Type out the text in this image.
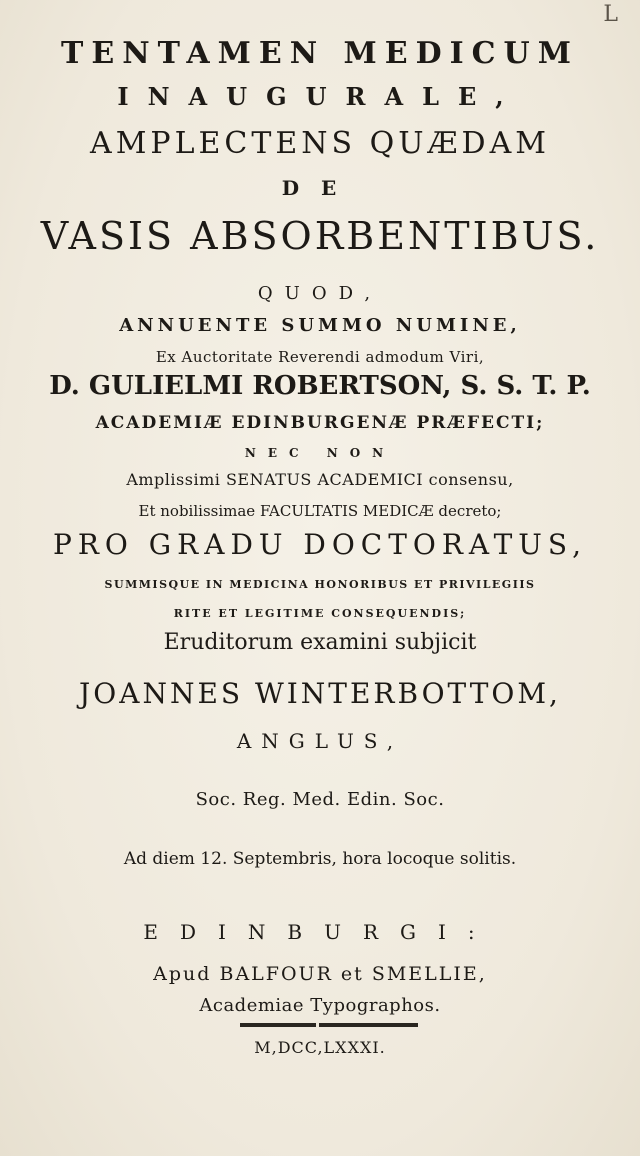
L
TENTAMEN MEDICUM
INAUGURALE,
AMPLECTENS QUÆDAM
DE
VASIS ABSORBENTIBUS.
QUOD,
ANNUENTE SUMMO NUMINE,
Ex Auctoritate Reverendi admodum Viri,
D. GULIELMI ROBERTSON, S. S. T. P.
ACADEMIÆ EDINBURGENÆ PRÆFECTI;
NEC NON
Amplissimi SENATUS ACADEMICI consensu,
Et nobilissimae FACULTATIS MEDICÆ decreto;
PRO GRADU DOCTORATUS,
SUMMISQUE IN MEDICINA HONORIBUS ET PRIVILEGIIS
RITE ET LEGITIME CONSEQUENDIS;
Eruditorum examini subjicit
JOANNES WINTERBOTTOM,
ANGLUS,
Soc. Reg. Med. Edin. Soc.
Ad diem 12. Septembris, hora locoque solitis.
EDINBURGI:
Apud BALFOUR et SMELLIE,
Academiae Typographos.
M,DCC,LXXXI.
